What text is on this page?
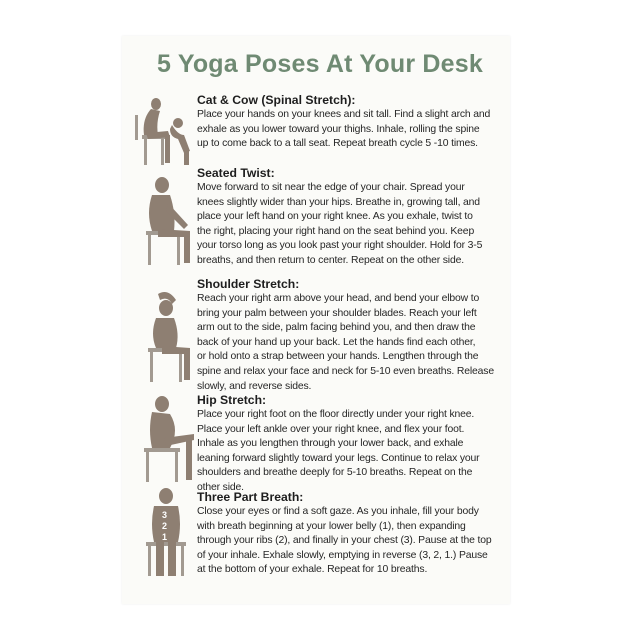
5 Yoga Poses At Your Desk
3
2
1
Cat & Cow (Spinal Stretch):

Place your hands on your knees and sit tall. Find a slight arch and

exhale as you lower toward your thighs. Inhale, rolling the spine

up to come back to a tall seat. Repeat breath cycle 5 -10 times.

Seated Twist:

Move forward to sit near the edge of your chair. Spread your

knees slightly wider than your hips. Breathe in, growing tall, and

place your left hand on your right knee. As you exhale, twist to

the right, placing your right hand on the seat behind you. Keep

your torso long as you look past your right shoulder. Hold for 3-5

breaths, and then return to center. Repeat on the other side.

Shoulder Stretch:

Reach your right arm above your head, and bend your elbow to

bring your palm between your shoulder blades. Reach your left

arm out to the side, palm facing behind you, and then draw the

back of your hand up your back. Let the hands find each other,

or hold onto a strap between your hands. Lengthen through the

spine and relax your face and neck for 5-10 even breaths. Release

slowly, and reverse sides.

Hip Stretch:

Place your right foot on the floor directly under your right knee.

Place your left ankle over your right knee, and flex your foot.

Inhale as you lengthen through your lower back, and exhale

leaning forward slightly toward your legs. Continue to relax your

shoulders and breathe deeply for 5-10 breaths. Repeat on the

other side.

Three Part Breath:

Close your eyes or find a soft gaze. As you inhale, fill your body

with breath beginning at your lower belly (1), then expanding

through your ribs (2), and finally in your chest (3). Pause at the top

of your inhale. Exhale slowly, emptying in reverse (3, 2, 1.) Pause

at the bottom of your exhale. Repeat for 10 breaths.
